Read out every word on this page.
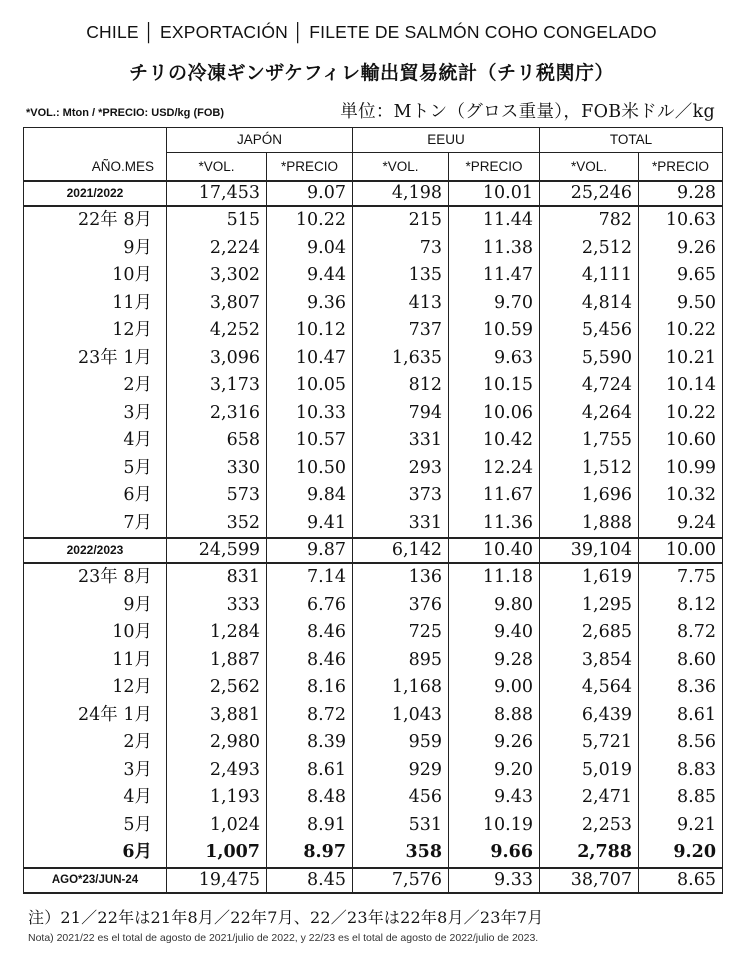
CHILE │ EXPORTACIÓN │ FILETE DE SALMÓN COHO CONGELADO
チリの冷凍ギンザケフィレ輸出貿易統計（チリ税関庁）
*VOL.: Mton / *PRECIO: USD/kg (FOB)	単位：Mトン（グロス重量），FOB米ドル／kg
	JAPÓN		EEUU		TOTAL	
AÑO.MES	*VOL.	*PRECIO	*VOL.	*PRECIO	*VOL.	*PRECIO
2021/2022	17,453	9.07	4,198	10.01	25,246	9.28
22年 8月	515	10.22	215	11.44	782	10.63
9月	2,224	9.04	73	11.38	2,512	9.26
10月	3,302	9.44	135	11.47	4,111	9.65
11月	3,807	9.36	413	9.70	4,814	9.50
12月	4,252	10.12	737	10.59	5,456	10.22
23年 1月	3,096	10.47	1,635	9.63	5,590	10.21
2月	3,173	10.05	812	10.15	4,724	10.14
3月	2,316	10.33	794	10.06	4,264	10.22
4月	658	10.57	331	10.42	1,755	10.60
5月	330	10.50	293	12.24	1,512	10.99
6月	573	9.84	373	11.67	1,696	10.32
7月	352	9.41	331	11.36	1,888	9.24
2022/2023	24,599	9.87	6,142	10.40	39,104	10.00
23年 8月	831	7.14	136	11.18	1,619	7.75
9月	333	6.76	376	9.80	1,295	8.12
10月	1,284	8.46	725	9.40	2,685	8.72
11月	1,887	8.46	895	9.28	3,854	8.60
12月	2,562	8.16	1,168	9.00	4,564	8.36
24年 1月	3,881	8.72	1,043	8.88	6,439	8.61
2月	2,980	8.39	959	9.26	5,721	8.56
3月	2,493	8.61	929	9.20	5,019	8.83
4月	1,193	8.48	456	9.43	2,471	8.85
5月	1,024	8.91	531	10.19	2,253	9.21
6月	1,007	8.97	358	9.66	2,788	9.20
AGO*23/JUN-24	19,475	8.45	7,576	9.33	38,707	8.65
注）21／22年は21年8月／22年7月、22／23年は22年8月／23年7月
Nota) 2021/22 es el total de agosto de 2021/julio de 2022, y 22/23 es el total de agosto de 2022/julio de 2023.
